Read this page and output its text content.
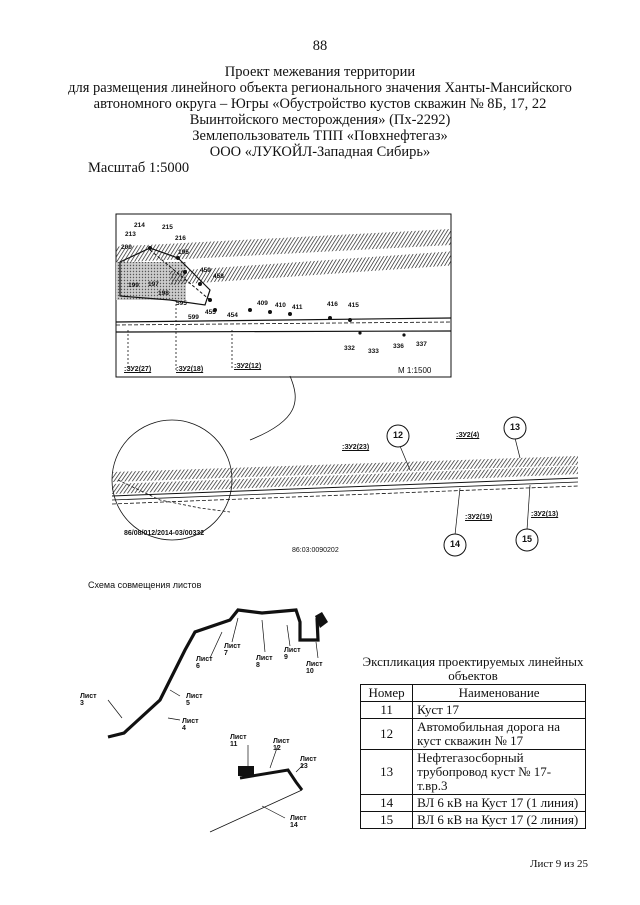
88
Проект межевания территории
для размещения линейного объекта регионального значения Ханты-Мансийского
автономного округа – Югры «Обустройство кустов скважин № 8Б, 17, 22
Выинтойского месторождения» (Пх-2292)
Землепользователь ТПП «Повхнефтегаз»
ООО «ЛУКОЙЛ-Западная Сибирь»
Масштаб 1:5000
214	215
213
216
200
195
459
458
199 197
198
595
455
409 410 411	416 415
454
599
332 333
336 337
:ЗУ2(27)	:ЗУ2(18)	:ЗУ2(12)	М 1:1500
:ЗУ2(23)
:ЗУ2(4)
:ЗУ2(19)	:ЗУ2(13)
12
13
14	15
86/08/012/2014-03/00332
86:03:0090202
Схема совмещения листов
Лист 3
Лист 4
Лист 5
Лист 6
Лист 7
Лист 8
Лист 9
Лист 10
Лист 11	Лист 12
Лист 13
Лист 14
Экспликация проектируемых линейных
объектов
Номер	Наименование
11	Куст 17
12	Автомобильная дорога на куст скважин № 17
13	Нефтегазосборный трубопровод куст № 17-т.вр.3
14	ВЛ 6 кВ на Куст 17 (1 линия)
15	ВЛ 6 кВ на Куст 17 (2 линия)
Лист 9 из 25
